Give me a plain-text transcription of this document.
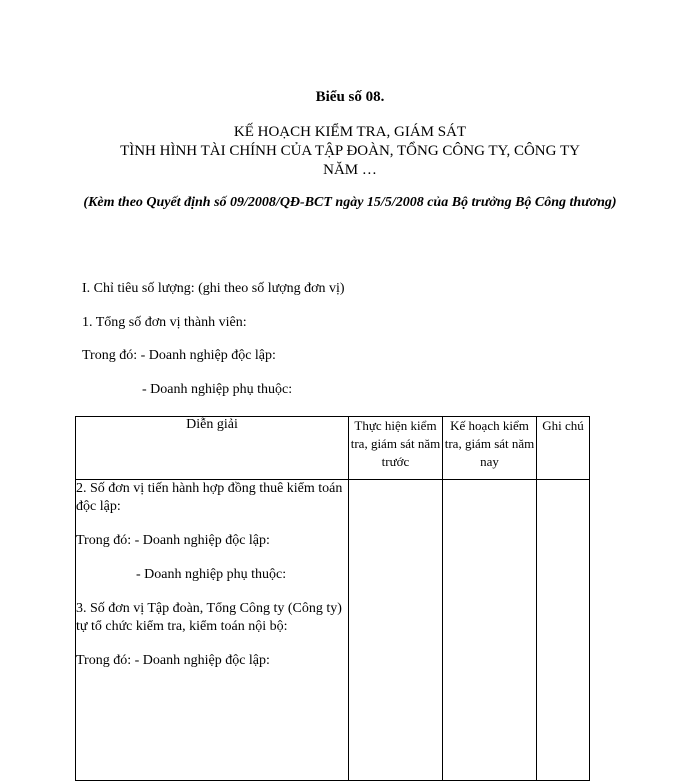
Biểu số 08.
KẾ HOẠCH KIỂM TRA, GIÁM SÁT
TÌNH HÌNH TÀI CHÍNH CỦA TẬP ĐOÀN, TỔNG CÔNG TY, CÔNG TY
NĂM …
(Kèm theo Quyết định số 09/2008/QĐ-BCT ngày 15/5/2008 của Bộ trưởng Bộ Công thương)
I. Chỉ tiêu số lượng: (ghi theo số lượng đơn vị)
1. Tổng số đơn vị thành viên:
Trong đó: - Doanh nghiệp độc lập:
- Doanh nghiệp phụ thuộc:
Diễn giải	Thực hiện kiểm tra, giám sát năm trước	Kế hoạch kiểm tra, giám sát năm nay	Ghi chú

2. Số đơn vị tiến hành hợp đồng thuê kiểm toán độc lập:

Trong đó: - Doanh nghiệp độc lập:

- Doanh nghiệp phụ thuộc:

3. Số đơn vị Tập đoàn, Tổng Công ty (Công ty) tự tổ chức kiểm tra, kiểm toán nội bộ:

Trong đó: - Doanh nghiệp độc lập:			
